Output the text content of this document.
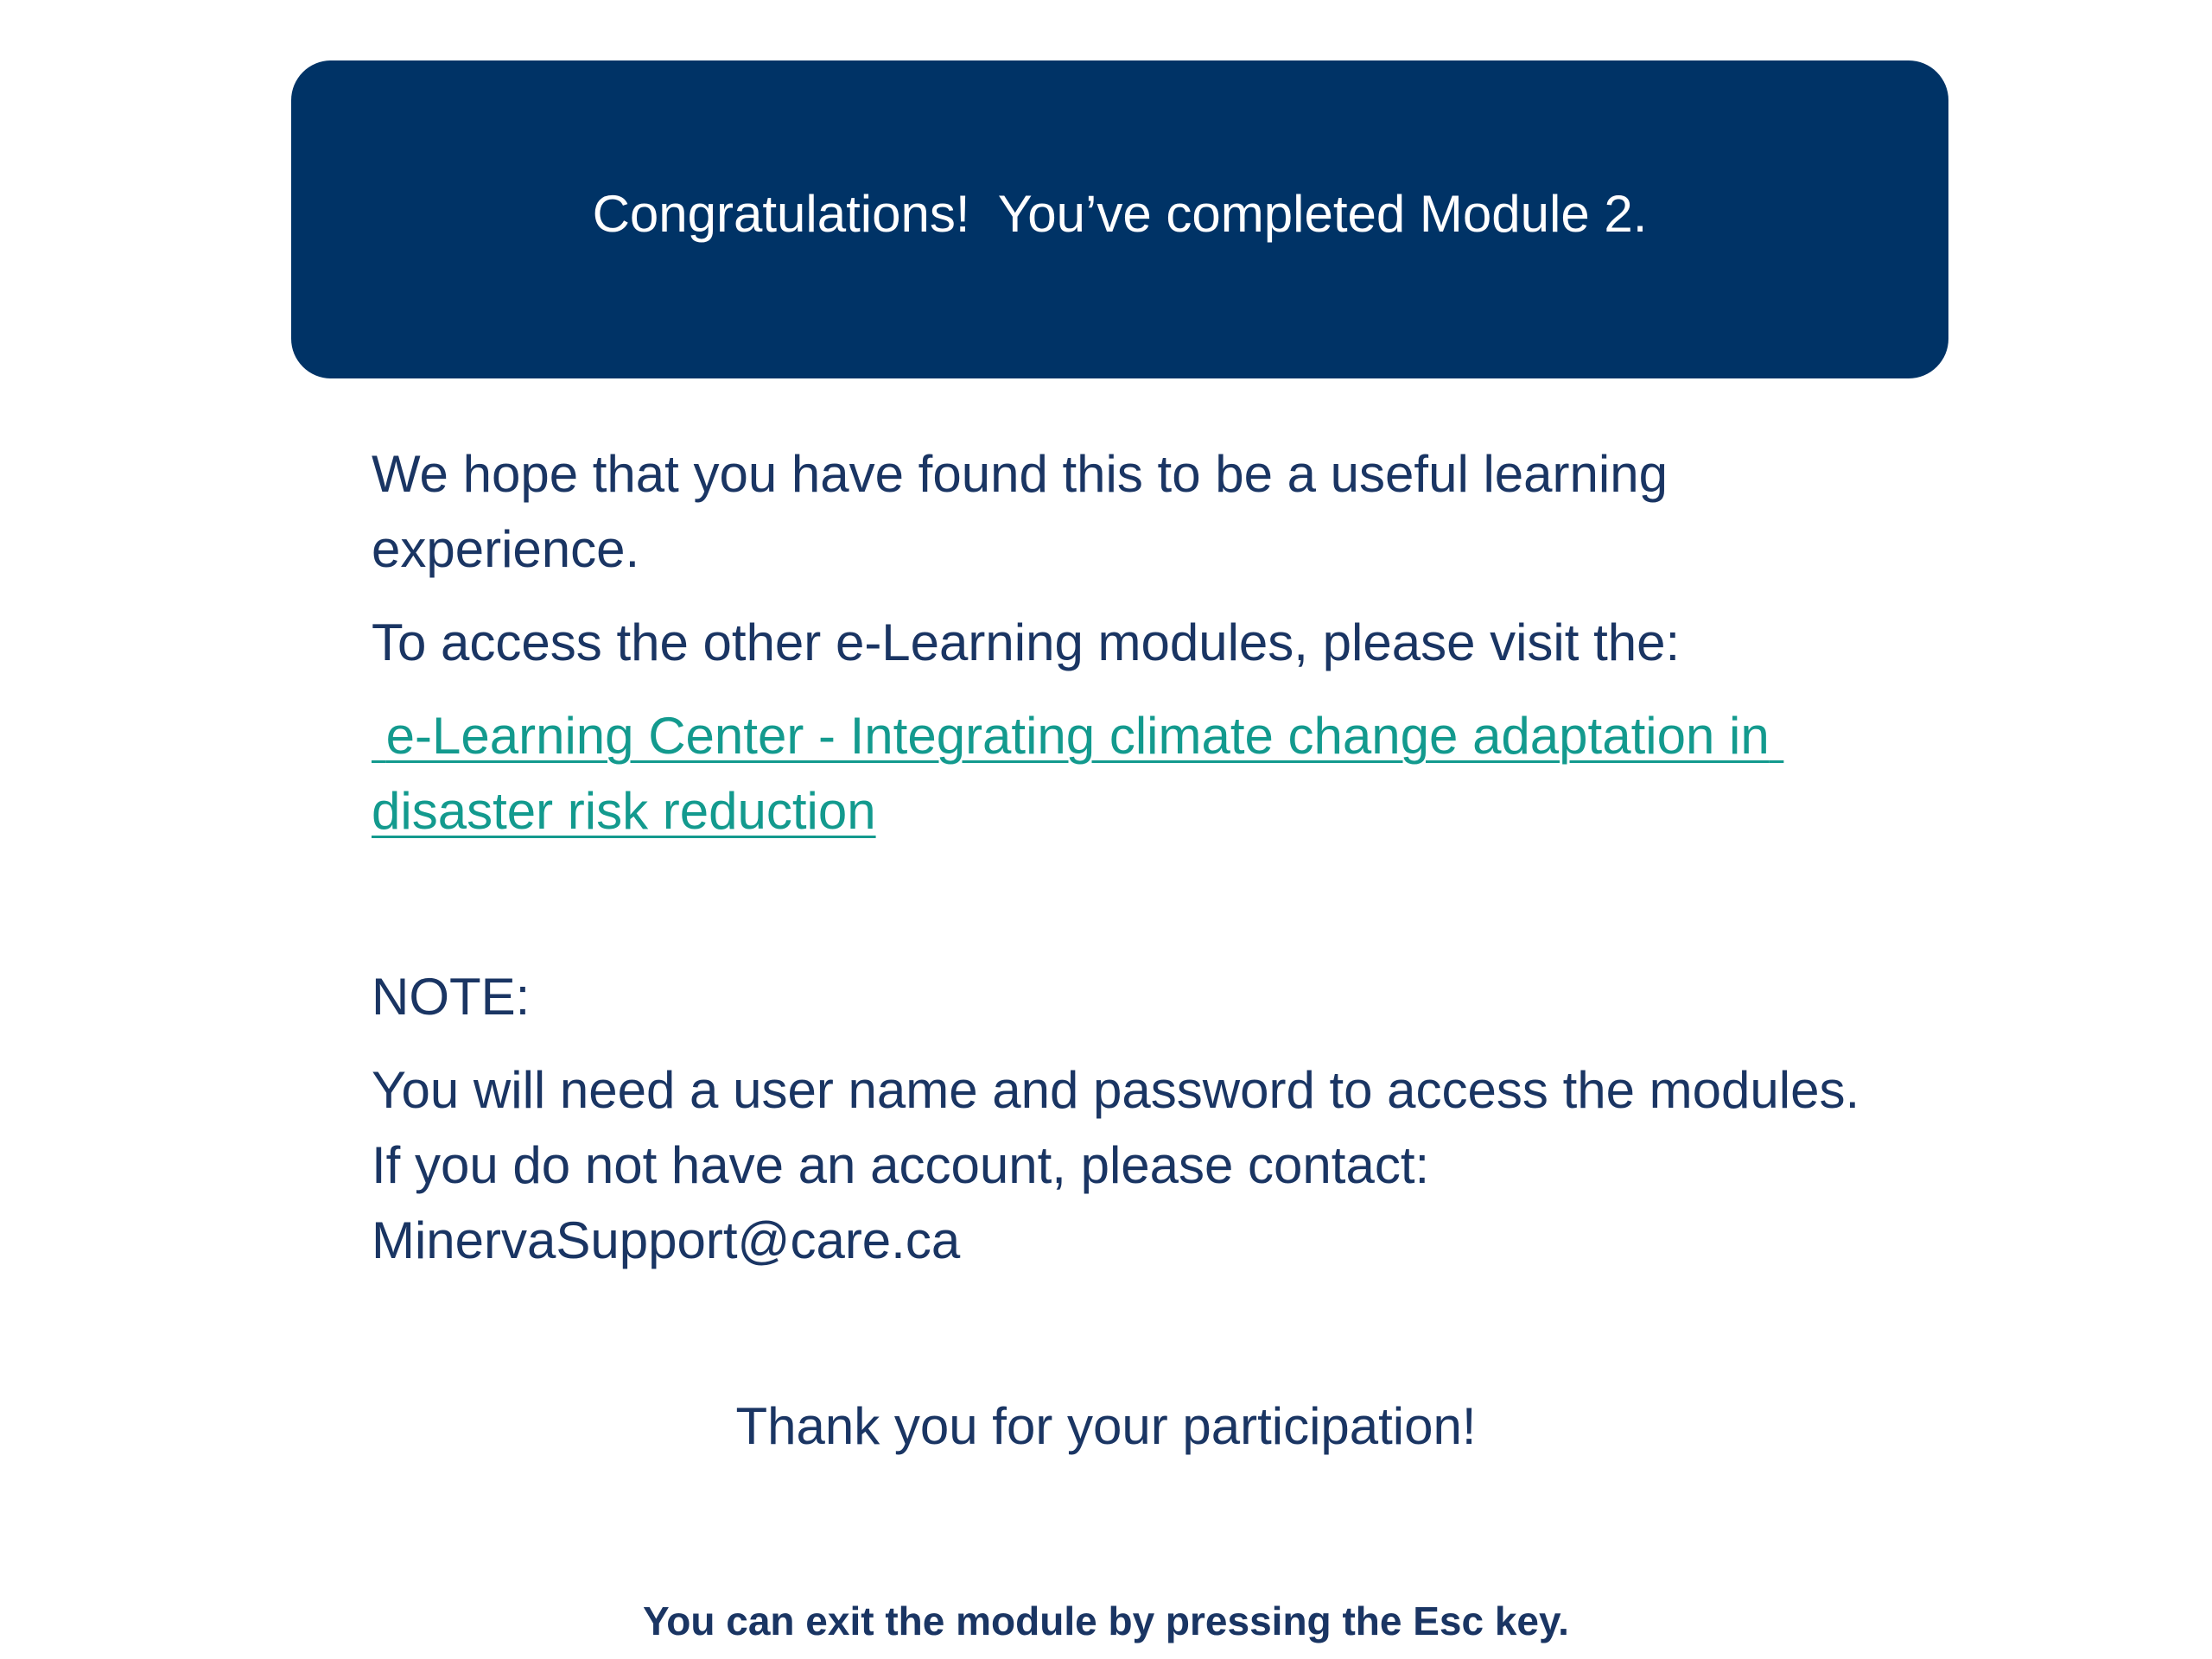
Congratulations!  You’ve completed Module 2.
We hope that you have found this to be a useful learning experience.
To access the other e-Learning modules, please visit the:
e-Learning Center - Integrating climate change adaptation in disaster risk reduction
NOTE:
You will need a user name and password to access the modules.   If you do not have an account, please contact: MinervaSupport@care.ca
Thank you for your participation!
You can exit the module by pressing the Esc key.
